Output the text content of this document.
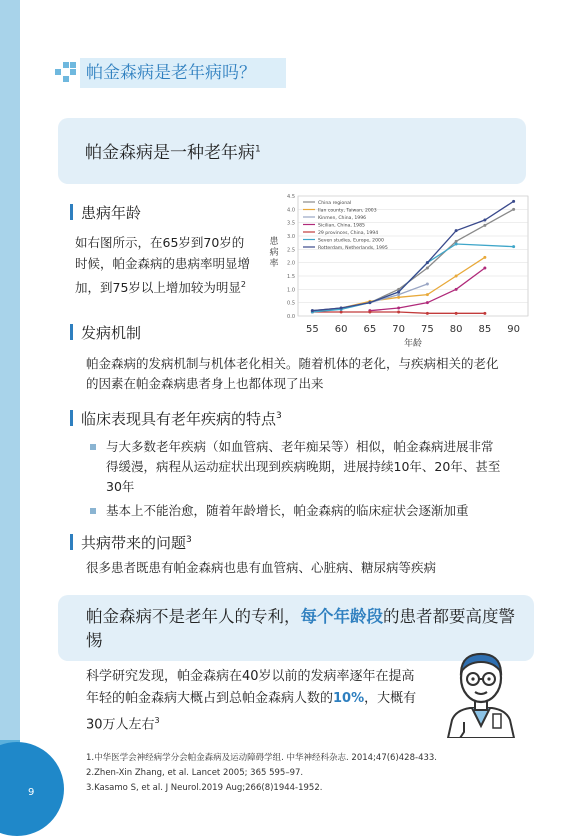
9
帕金森病是老年病吗？
帕金森病是一种老年病$^1$
患病年龄
如右图所示，在65岁到70岁的
时候，帕金森病的患病率明显增
加，到75岁以上增加较为明显$^2$
0.0
0.5
1.0
1.5
2.0
2.5
3.0
3.5
4.0
4.5
55 60 65 70 75 80 85 90
年龄
患
病
率
China regional
Ilan county, Taiwan, 2003
Kinmen, China, 1996
Sicilian, China, 1985
29 provinces, China, 1994
Seven studies, Europe, 2000
Rotterdam, Netherlands, 1995
发病机制
帕金森病的发病机制与机体老化相关。随着机体的老化，与疾病相关的老化
的因素在帕金森病患者身上也都体现了出来
临床表现具有老年疾病的特点$^3$
与大多数老年疾病（如血管病、老年痴呆等）相似，帕金森病进展非常
得缓漫，病程从运动症状出现到疾病晚期，进展持续10年、20年、甚至
30年
基本上不能治愈，随着年龄增长，帕金森病的临床症状会逐渐加重
共病带来的问题$^3$
很多患者既患有帕金森病也患有血管病、心脏病、糖尿病等疾病
帕金森病不是老年人的专利，每个年龄段的患者都要高度警惕
科学研究发现，帕金森病在40岁以前的发病率逐年在提高
年轻的帕金森病大概占到总帕金森病人数的10%，大概有
30万人左右$^3$
1.中华医学会神经病学分会帕金森病及运动障碍学组. 中华神经科杂志. 2014;47(6)428-433.
2.Zhen-Xin Zhang, et al. Lancet 2005; 365 595–97.
3.Kasamo S, et al. J Neurol.2019 Aug;266(8)1944-1952.
